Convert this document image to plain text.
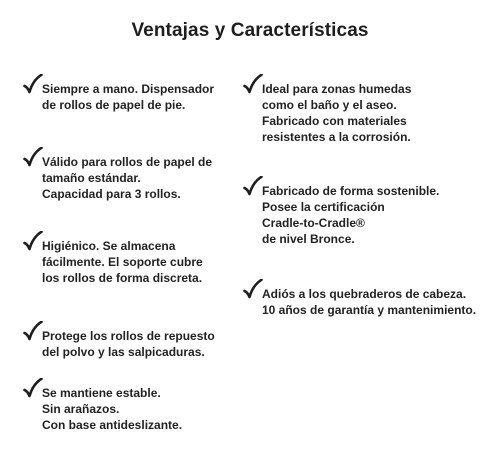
Ventajas y Características
Siempre a mano. Dispensador
de rollos de papel de pie.
Válido para rollos de papel de
tamaño estándar.
Capacidad para 3 rollos.
Higiénico. Se almacena
fácilmente. El soporte cubre
los rollos de forma discreta.
Protege los rollos de repuesto
del polvo y las salpicaduras.
Se mantiene estable.
Sin arañazos.
Con base antideslizante.
Ideal para zonas humedas
como el baño y el aseo.
Fabricado con materiales
resistentes a la corrosión.
Fabricado de forma sostenible.
Posee la certificación
Cradle-to-Cradle®
de nivel Bronce.
Adiós a los quebraderos de cabeza.
10 años de garantía y mantenimiento.
